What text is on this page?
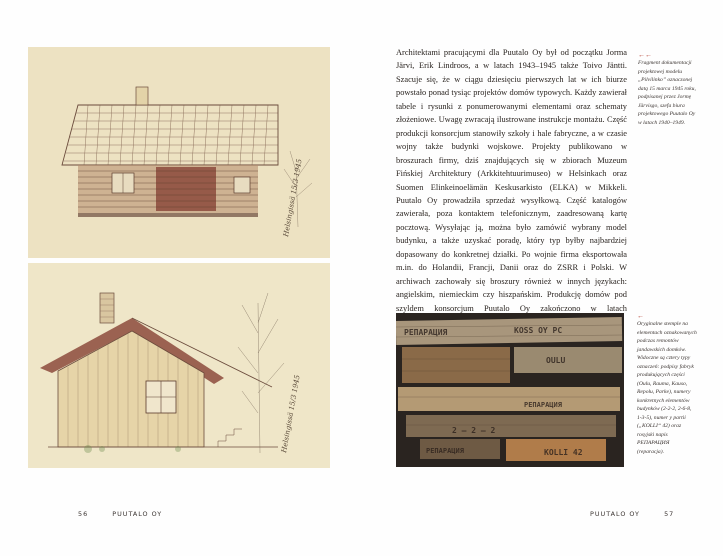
Helsingissä 15/3 1945
Helsingissä 15/3 1945
56	PUUTALO OY	PUUTALO OY	57

Architektami pracującymi dla Puutalo Oy był od początku Jorma Järvi, Erik Lindroos, a w latach 1943–1945 także Toivo Jäntti. Szacuje się, że w ciągu dziesięciu pierwszych lat w ich biurze powstało ponad tysiąc projektów domów typowych. Każdy zawierał tabele i rysunki z ponumerowanymi elementami oraz schematy złożeniowe. Uwagę zwracają ilustrowane instrukcje montażu. Część produkcji konsorcjum stanowiły szkoły i hale fabryczne, a w czasie wojny także budynki wojskowe. Projekty publikowano w broszurach firmy, dziś znajdujących się w zbiorach Muzeum Fińskiej Architektury (Arkkitehtuurimuseo) w Helsinkach oraz Suomen Elinkeinoelämän Keskusarkisto (ELKA) w Mikkeli. Puutalo Oy prowadziła sprzedaż wysyłkową. Część katalogów zawierała, poza kontaktem telefonicznym, zaadresowaną kartę pocztową. Wysyłając ją, można było zamówić wybrany model budynku, a także uzyskać poradę, który typ byłby najbardziej dopasowany do konkretnej działki. Po wojnie firma eksportowała m.in. do Holandii, Francji, Danii oraz do ZSRR i Polski. W archiwach zachowały się broszury również w innych językach: angielskim, niemieckim czy hiszpańskim. Produkcję domów pod szyldem konsorcjum Puutalo Oy zakończono w latach

←←
Fragment dokumentacji projektowej modelu „Pilvilinko” oznaczonej datą 15 marca 1945 roku, podpisanej przez Jormę Järvisgo, szefa biura projektowego Puutalo Oy w latach 1940–1949.
РЕПАРАЦИЯ	KOSS OY PC
OULU
2 — 2 — 2
РЕПАРАЦИЯ
KOLLI 42
РЕПАРАЦИЯ
←
Oryginalne stemple na elementach oznakowanych podczas remontów jandawskich domków. Widoczne są cztery typy oznaczeń: podpisy fabryk produkujących części (Oulu, Rauma, Kauso, Repolu, Parke), numery konkretnych elementów budynków (2-2-2, 2-6-8, 1-3-5), numer y partii („KOLLI“ 42) oraz rosyjski napis РЕПАРАЦИЯ (reparacja).
